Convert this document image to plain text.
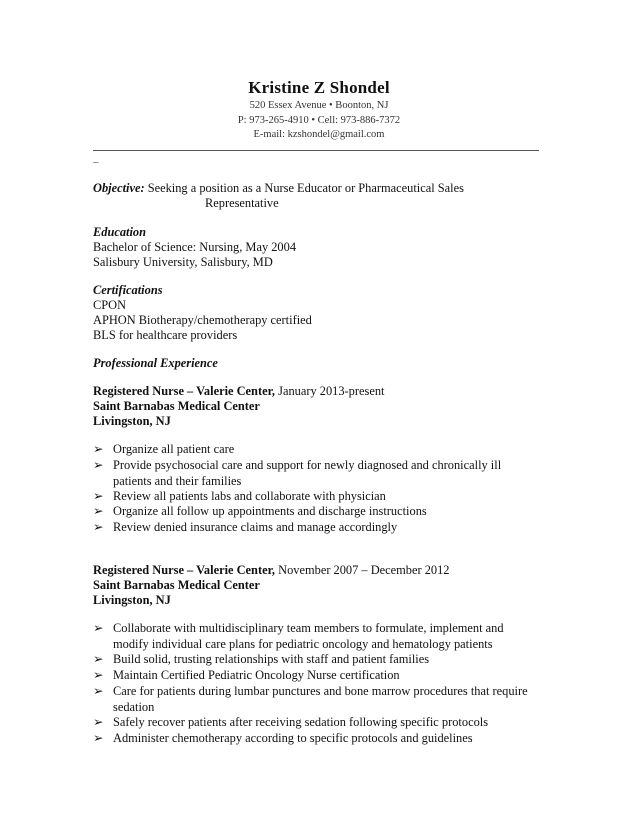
Kristine Z Shondel
520 Essex Avenue • Boonton, NJ
P: 973-265-4910 • Cell: 973-886-7372
E-mail: kzshondel@gmail.com
–
Objective: Seeking a position as a Nurse Educator or Pharmaceutical Sales
Representative
Education
Bachelor of Science: Nursing, May 2004
Salisbury University, Salisbury, MD
Certifications
CPON
APHON Biotherapy/chemotherapy certified
BLS for healthcare providers
Professional Experience
Registered Nurse – Valerie Center, January 2013-present
Saint Barnabas Medical Center
Livingston, NJ
➢ Organize all patient care
➢ Provide psychosocial care and support for newly diagnosed and chronically ill patients and their families
➢ Review all patients labs and collaborate with physician
➢ Organize all follow up appointments and discharge instructions
➢ Review denied insurance claims and manage accordingly
Registered Nurse – Valerie Center, November 2007 – December 2012
Saint Barnabas Medical Center
Livingston, NJ
➢ Collaborate with multidisciplinary team members to formulate, implement and modify individual care plans for pediatric oncology and hematology patients
➢ Build solid, trusting relationships with staff and patient families
➢ Maintain Certified Pediatric Oncology Nurse certification
➢ Care for patients during lumbar punctures and bone marrow procedures that require sedation
➢ Safely recover patients after receiving sedation following specific protocols
➢ Administer chemotherapy according to specific protocols and guidelines
